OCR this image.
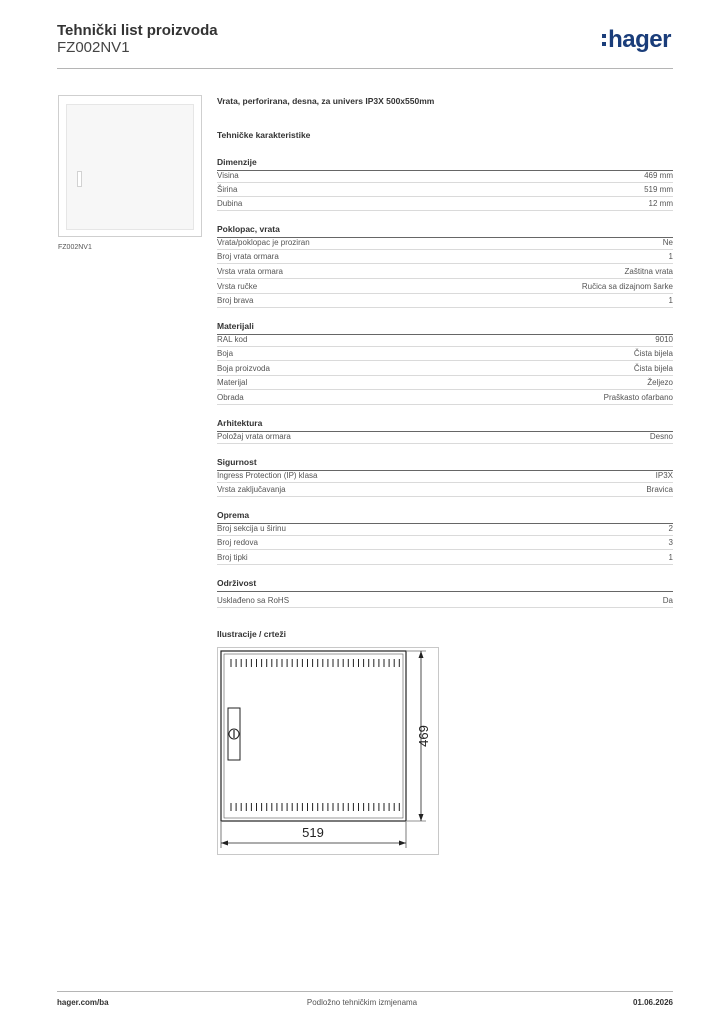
Tehnički list proizvoda
FZ002NV1	hager
FZ002NV1
Vrata, perforirana, desna, za univers IP3X 500x550mm
Tehničke karakteristike
Dimenzije
Visina	469 mm
Širina	519 mm
Dubina	12 mm
Poklopac, vrata
Vrata/poklopac je proziran	Ne
Broj vrata ormara	1
Vrsta vrata ormara	Zaštitna vrata
Vrsta ručke	Ručica sa dizajnom šarke
Broj brava	1
Materijali
RAL kod	9010
Boja	Čista bijela
Boja proizvoda	Čista bijela
Materijal	Željezo
Obrada	Praškasto ofarbano
Arhitektura
Položaj vrata ormara	Desno
Sigurnost
Ingress Protection (IP) klasa	IP3X
Vrsta zaključavanja	Bravica
Oprema
Broj sekcija u širinu	2
Broj redova	3
Broj tipki	1
Održivost
Usklađeno sa RoHS	Da
Ilustracije / crteži
469
519
hager.com/ba	Podložno tehničkim izmjenama	01.06.2026
